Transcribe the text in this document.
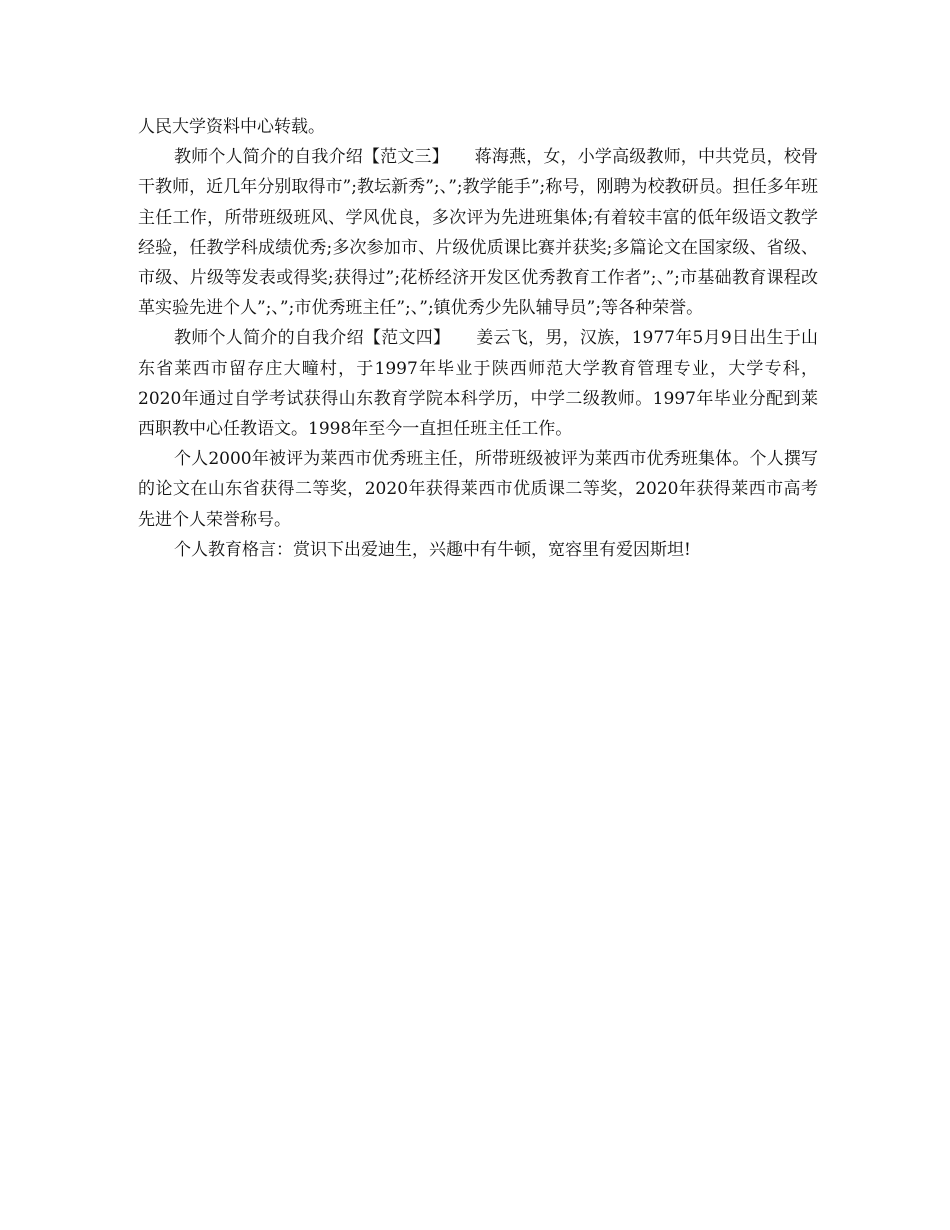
人民大学资料中心转载。

教师个人简介的自我介绍【范文三】　　蒋海燕，女，小学高级教师，中共党员，校骨干教师，近几年分别取得市”;教坛新秀”;、”;教学能手”;称号，刚聘为校教研员。担任多年班主任工作，所带班级班风、学风优良，多次评为先进班集体;有着较丰富的低年级语文教学经验，任教学科成绩优秀;多次参加市、片级优质课比赛并获奖;多篇论文在国家级、省级、市级、片级等发表或得奖;获得过”;花桥经济开发区优秀教育工作者”;、”;市基础教育课程改革实验先进个人”;、”;市优秀班主任”;、”;镇优秀少先队辅导员”;等各种荣誉。

教师个人简介的自我介绍【范文四】　　姜云飞，男，汉族，1977年5月9日出生于山东省莱西市留存庄大疃村，于1997年毕业于陕西师范大学教育管理专业，大学专科，2020年通过自学考试获得山东教育学院本科学历，中学二级教师。1997年毕业分配到莱西职教中心任教语文。1998年至今一直担任班主任工作。

个人2000年被评为莱西市优秀班主任，所带班级被评为莱西市优秀班集体。个人撰写的论文在山东省获得二等奖，2020年获得莱西市优质课二等奖，2020年获得莱西市高考先进个人荣誉称号。

个人教育格言：赏识下出爱迪生，兴趣中有牛顿，宽容里有爱因斯坦!
